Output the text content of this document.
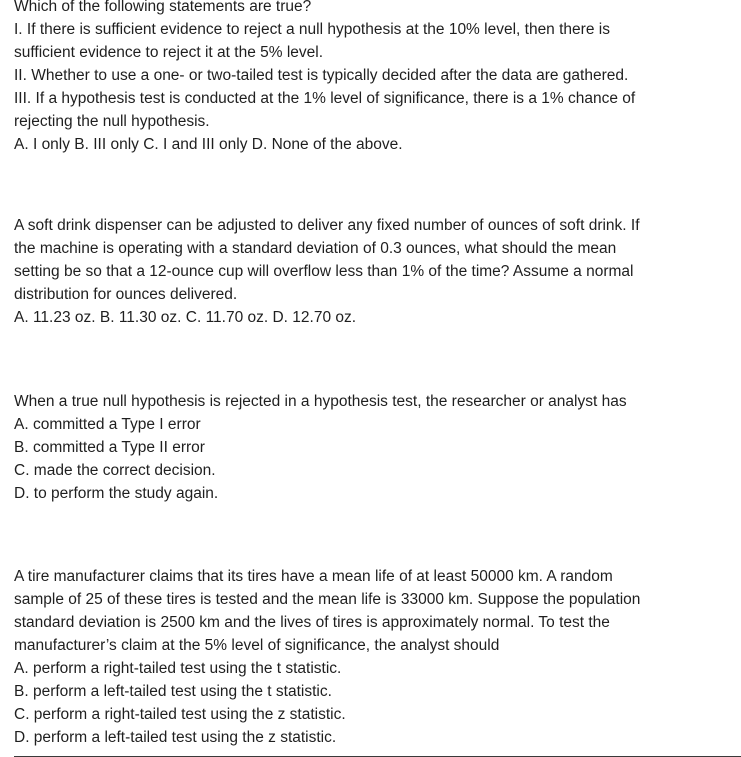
Which of the following statements are true?
I. If there is sufficient evidence to reject a null hypothesis at the 10% level, then there is
sufficient evidence to reject it at the 5% level.
II. Whether to use a one- or two-tailed test is typically decided after the data are gathered.
III. If a hypothesis test is conducted at the 1% level of significance, there is a 1% chance of
rejecting the null hypothesis.
A. I only B. III only C. I and III only D. None of the above.
A soft drink dispenser can be adjusted to deliver any fixed number of ounces of soft drink. If
the machine is operating with a standard deviation of 0.3 ounces, what should the mean
setting be so that a 12-ounce cup will overflow less than 1% of the time? Assume a normal
distribution for ounces delivered.
A. 11.23 oz. B. 11.30 oz. C. 11.70 oz. D. 12.70 oz.
When a true null hypothesis is rejected in a hypothesis test, the researcher or analyst has
A. committed a Type I error
B. committed a Type II error
C. made the correct decision.
D. to perform the study again.
A tire manufacturer claims that its tires have a mean life of at least 50000 km. A random
sample of 25 of these tires is tested and the mean life is 33000 km. Suppose the population
standard deviation is 2500 km and the lives of tires is approximately normal. To test the
manufacturer’s claim at the 5% level of significance, the analyst should
A. perform a right-tailed test using the t statistic.
B. perform a left-tailed test using the t statistic.
C. perform a right-tailed test using the z statistic.
D. perform a left-tailed test using the z statistic.
